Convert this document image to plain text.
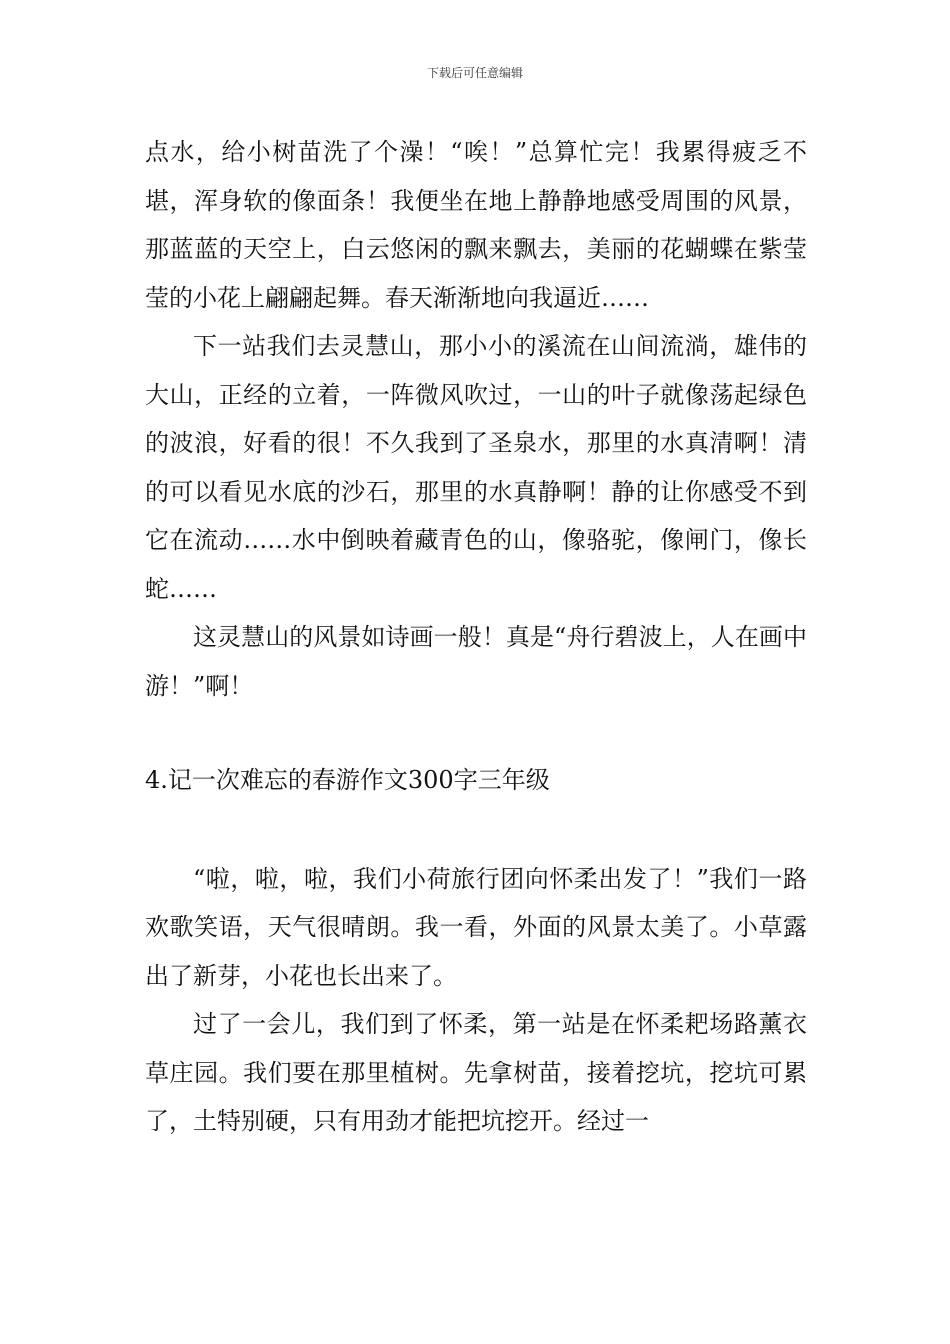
下载后可任意编辑

点水，给小树苗洗了个澡！“唉！”总算忙完！我累得疲乏不堪，浑身软的像面条！我便坐在地上静静地感受周围的风景，那蓝蓝的天空上，白云悠闲的飘来飘去，美丽的花蝴蝶在紫莹莹的小花上翩翩起舞。春天渐渐地向我逼近……

下一站我们去灵慧山，那小小的溪流在山间流淌，雄伟的大山，正经的立着，一阵微风吹过，一山的叶子就像荡起绿色的波浪，好看的很！不久我到了圣泉水，那里的水真清啊！清的可以看见水底的沙石，那里的水真静啊！静的让你感受不到它在流动……水中倒映着藏青色的山，像骆驼，像闸门，像长蛇……

这灵慧山的风景如诗画一般！真是“舟行碧波上，人在画中游！”啊！

4.记一次难忘的春游作文300字三年级

“啦，啦，啦，我们小荷旅行团向怀柔出发了！”我们一路欢歌笑语，天气很晴朗。我一看，外面的风景太美了。小草露出了新芽，小花也长出来了。

过了一会儿，我们到了怀柔，第一站是在怀柔耙场路薰衣草庄园。我们要在那里植树。先拿树苗，接着挖坑，挖坑可累了，土特别硬，只有用劲才能把坑挖开。经过一
